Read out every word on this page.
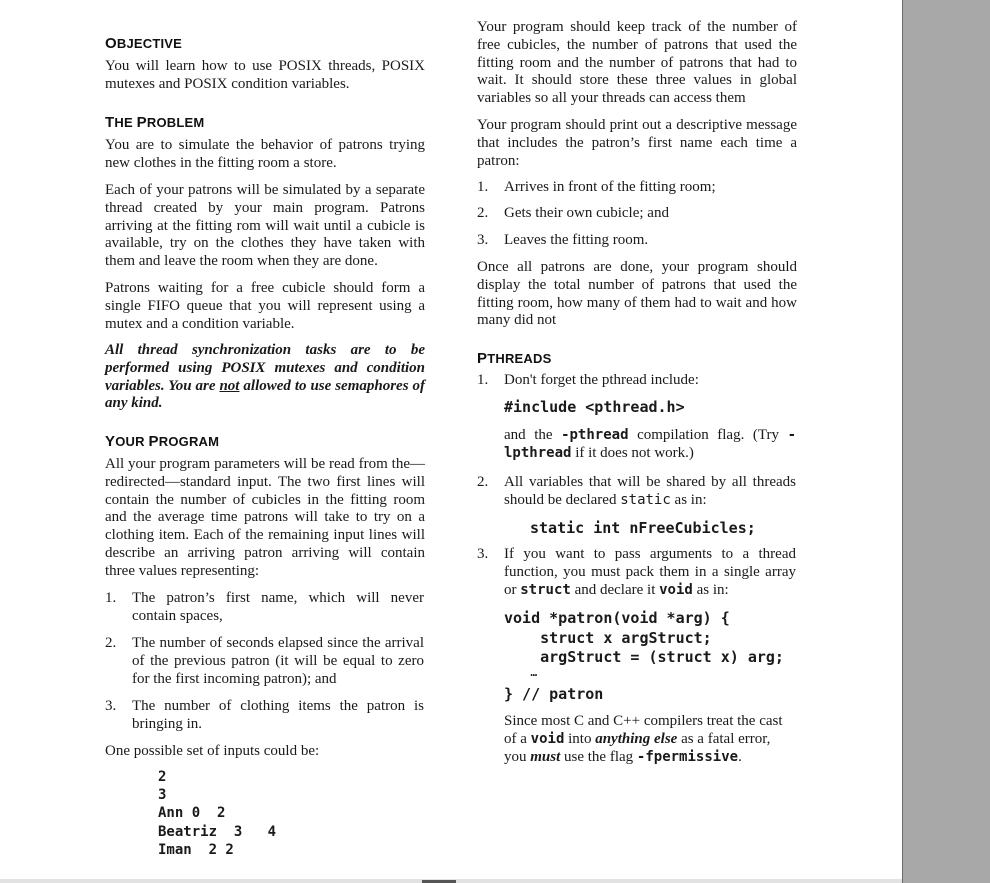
OBJECTIVE

You will learn how to use POSIX threads, POSIX mutexes and POSIX condition variables.

THE PROBLEM

You are to simulate the behavior of patrons trying new clothes in the fitting room a store.

Each of your patrons will be simulated by a separate thread created by your main program. Patrons arriving at the fitting rom will wait until a cubicle is available, try on the clothes they have taken with them and leave the room when they are done.

Patrons waiting for a free cubicle should form a single FIFO queue that you will represent using a mutex and a condition variable.

All thread synchronization tasks are to be performed using POSIX mutexes and condition variables. You are not allowed to use semaphores of any kind.

YOUR PROGRAM

All your program parameters will be read from the—redirected—standard input. The two first lines will contain the number of cubicles in the fitting room and the average time patrons will take to try on a clothing item. Each of the remaining input lines will describe an arriving patron arriving will contain three values representing:

1. The patron’s first name, which will never contain spaces,
2. The number of seconds elapsed since the arrival of the previous patron (it will be equal to zero for the first incoming patron); and
3. The number of clothing items the patron is bringing in.

One possible set of inputs could be:

2
3
Ann 0  2
Beatriz  3   4
Iman  2 2

Your program should keep track of the number of free cubicles, the number of patrons that used the fitting room and the number of patrons that had to wait. It should store these three values in global variables so all your threads can access them

Your program should print out a descriptive message that includes the patron’s first name each time a patron:

1. Arrives in front of the fitting room;
2. Gets their own cubicle; and
3. Leaves the fitting room.

Once all patrons are done, your program should display the total number of patrons that used the fitting room, how many of them had to wait and how many did not

PTHREADS
1. Don't forget the pthread include:
#include <pthread.h>
and the -pthread compilation flag. (Try -lpthread if it does not work.)
2. All variables that will be shared by all threads should be declared static as in:
static int nFreeCubicles;
3. If you want to pass arguments to a thread function, you must pack them in a single array or struct and declare it void as in:
void *patron(void *arg) {
struct x argStruct;
argStruct = (struct x) arg;
…
} // patron
Since most C and C++ compilers treat the cast of a void into anything else as a fatal error, you must use the flag -fpermissive.
